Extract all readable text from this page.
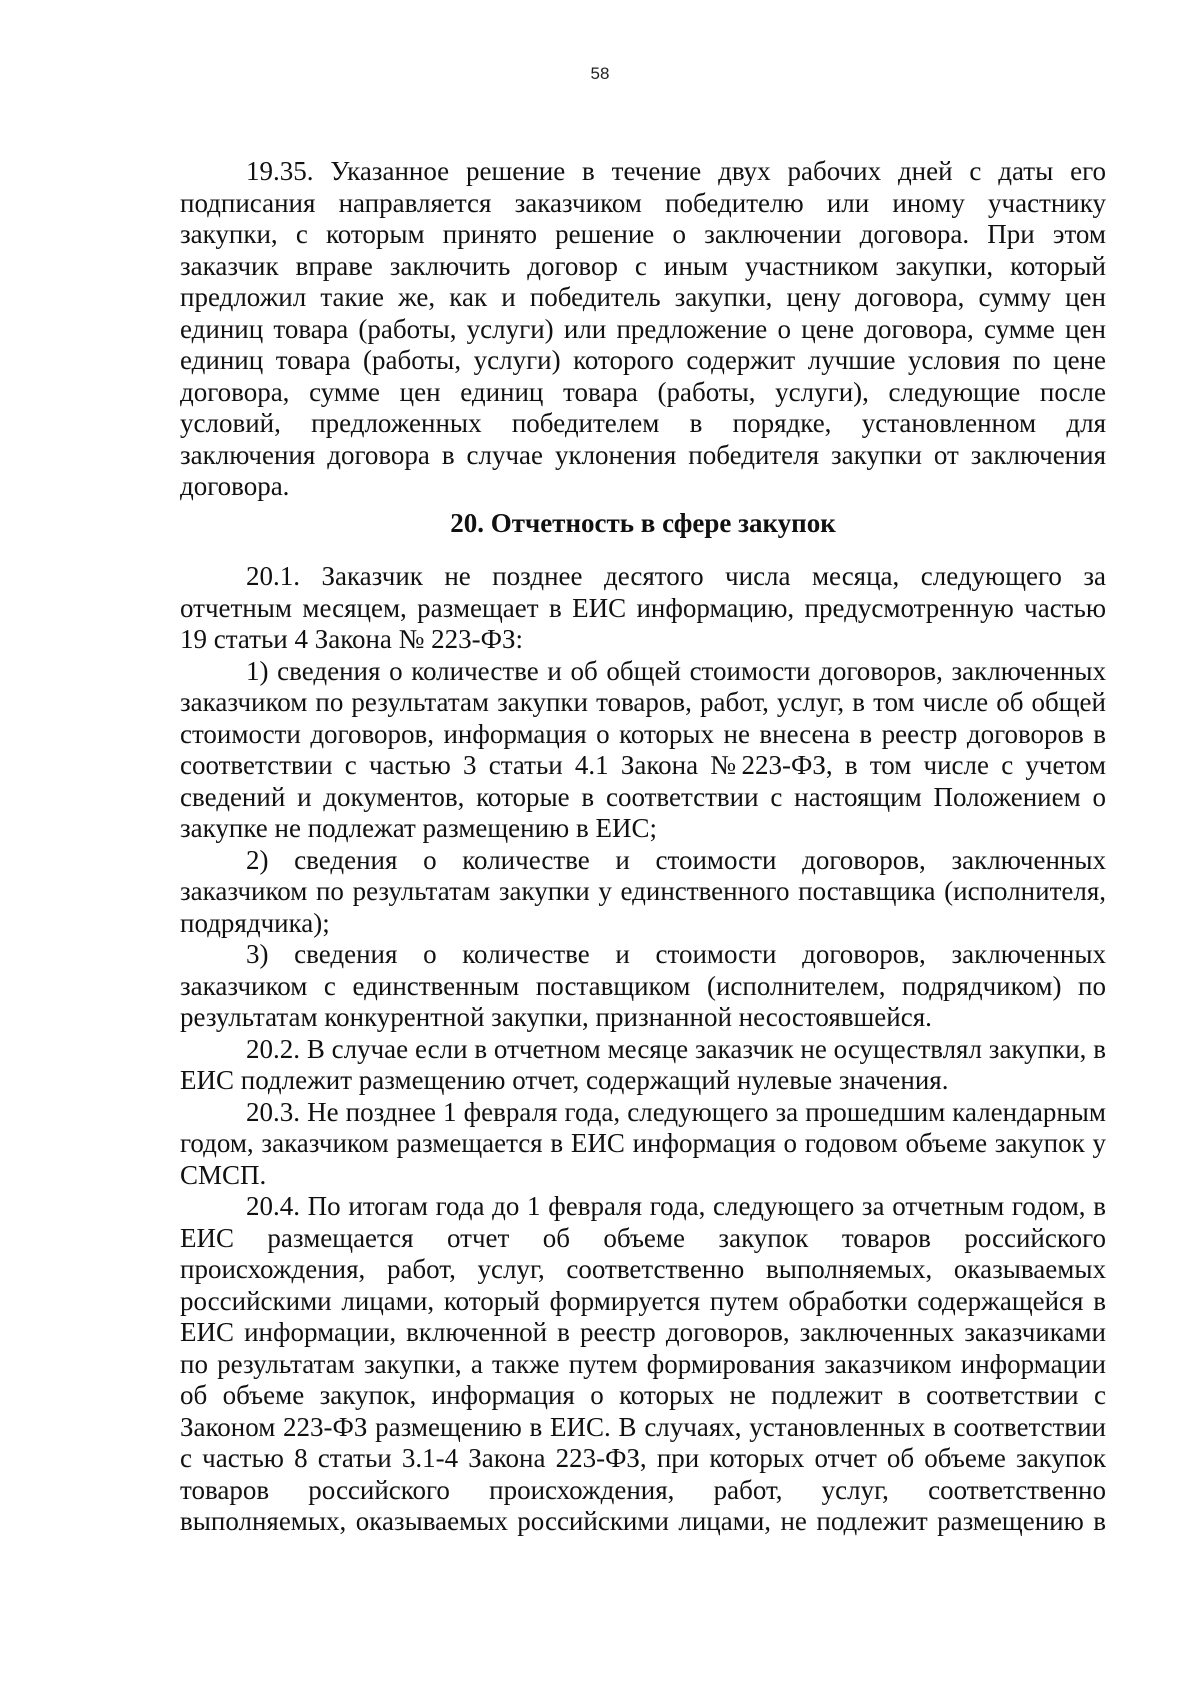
58

19.35. Указанное решение в течение двух рабочих дней с даты его подписания направляется заказчиком победителю или иному участнику закупки, с которым принято решение о заключении договора. При этом заказчик вправе заключить договор с иным участником закупки, который предложил такие же, как и победитель закупки, цену договора, сумму цен единиц товара (работы, услуги) или предложение о цене договора, сумме цен единиц товара (работы, услуги) которого содержит лучшие условия по цене договора, сумме цен единиц товара (работы, услуги), следующие после условий, предложенных победителем в порядке, установленном для заключения договора в случае уклонения победителя закупки от заключения договора.

20. Отчетность в сфере закупок

20.1. Заказчик не позднее десятого числа месяца, следующего за отчетным месяцем, размещает в ЕИС информацию, предусмотренную частью 19 статьи 4 Закона № 223-ФЗ:

1) сведения о количестве и об общей стоимости договоров, заключенных заказчиком по результатам закупки товаров, работ, услуг, в том числе об общей стоимости договоров, информация о которых не внесена в реестр договоров в соответствии с частью 3 статьи 4.1 Закона №223-ФЗ, в том числе с учетом сведений и документов, которые в соответствии с настоящим Положением о закупке не подлежат размещению в ЕИС;

2) сведения о количестве и стоимости договоров, заключенных заказчиком по результатам закупки у единственного поставщика (исполнителя, подрядчика);

3) сведения о количестве и стоимости договоров, заключенных заказчиком с единственным поставщиком (исполнителем, подрядчиком) по результатам конкурентной закупки, признанной несостоявшейся.

20.2. В случае если в отчетном месяце заказчик не осуществлял закупки, в ЕИС подлежит размещению отчет, содержащий нулевые значения.

20.3. Не позднее 1 февраля года, следующего за прошедшим календарным годом, заказчиком размещается в ЕИС информация о годовом объеме закупок у СМСП.

20.4. По итогам года до 1 февраля года, следующего за отчетным годом, в ЕИС размещается отчет об объеме закупок товаров российского происхождения, работ, услуг, соответственно выполняемых, оказываемых российскими лицами, который формируется путем обработки содержащейся в ЕИС информации, включенной в реестр договоров, заключенных заказчиками по результатам закупки, а также путем формирования заказчиком информации об объеме закупок, информация о которых не подлежит в соответствии с Законом 223-ФЗ размещению в ЕИС. В случаях, установленных в соответствии с частью 8 статьи 3.1-4 Закона 223-ФЗ, при которых отчет об объеме закупок товаров российского происхождения, работ, услуг, соответственно выполняемых, оказываемых российскими лицами, не подлежит размещению в
